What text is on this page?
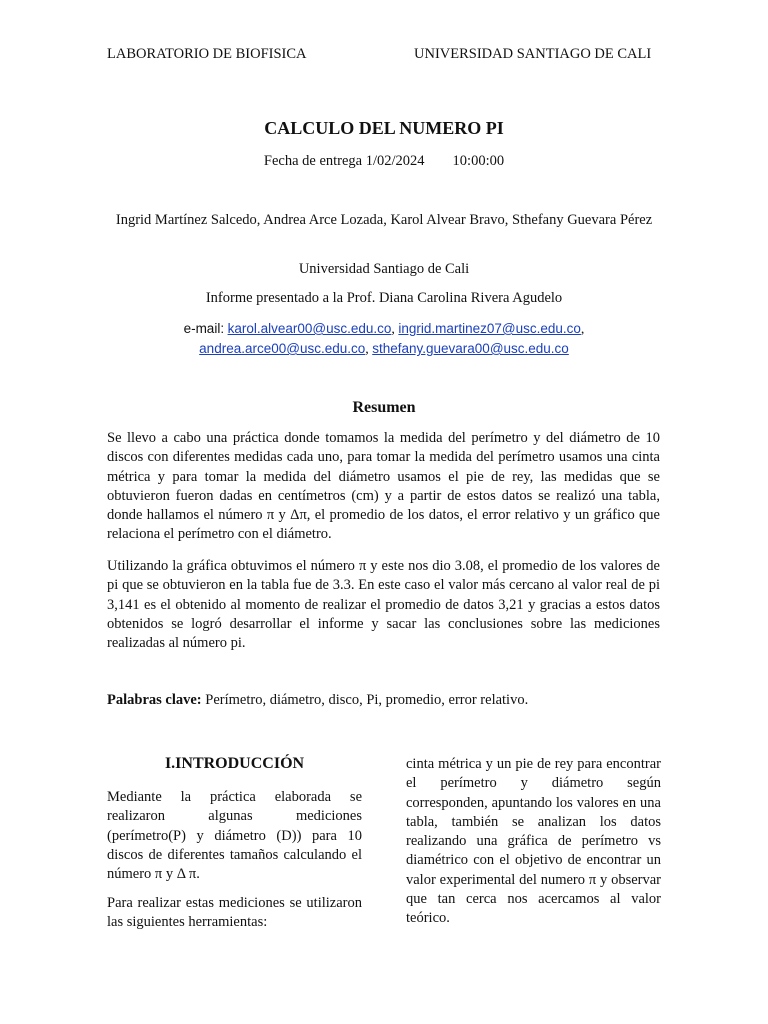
LABORATORIO DE BIOFISICA	UNIVERSIDAD SANTIAGO DE CALI
CALCULO DEL NUMERO PI
Fecha de entrega 1/02/2024 10:00:00
Ingrid Martínez Salcedo, Andrea Arce Lozada, Karol Alvear Bravo, Sthefany Guevara Pérez
Universidad Santiago de Cali
Informe presentado a la Prof. Diana Carolina Rivera Agudelo
e-mail: karol.alvear00@usc.edu.co, ingrid.martinez07@usc.edu.co,
andrea.arce00@usc.edu.co, sthefany.guevara00@usc.edu.co
Resumen

Se llevo a cabo una práctica donde tomamos la medida del perímetro y del diámetro de 10 discos con diferentes medidas cada uno, para tomar la medida del perímetro usamos una cinta métrica y para tomar la medida del diámetro usamos el pie de rey, las medidas que se obtuvieron fueron dadas en centímetros (cm) y a partir de estos datos se realizó una tabla, donde hallamos el número π y Δπ, el promedio de los datos, el error relativo y un gráfico que relaciona el perímetro con el diámetro.

Utilizando la gráfica obtuvimos el número π y este nos dio 3.08, el promedio de los valores de pi que se obtuvieron en la tabla fue de 3.3. En este caso el valor más cercano al valor real de pi 3,141 es el obtenido al momento de realizar el promedio de datos 3,21 y gracias a estos datos obtenidos se logró desarrollar el informe y sacar las conclusiones sobre las mediciones realizadas al número pi.

Palabras clave: Perímetro, diámetro, disco, Pi, promedio, error relativo.
I.INTRODUCCIÓN

Mediante la práctica elaborada se realizaron algunas mediciones (perímetro(P) y diámetro (D)) para 10 discos de diferentes tamaños calculando el número π y Δ π.

Para realizar estas mediciones se utilizaron las siguientes herramientas:

cinta métrica y un pie de rey para encontrar el perímetro y diámetro según corresponden, apuntando los valores en una tabla, también se analizan los datos realizando una gráfica de perímetro vs diamétrico con el objetivo de encontrar un valor experimental del numero π y observar que tan cerca nos acercamos al valor teórico.
